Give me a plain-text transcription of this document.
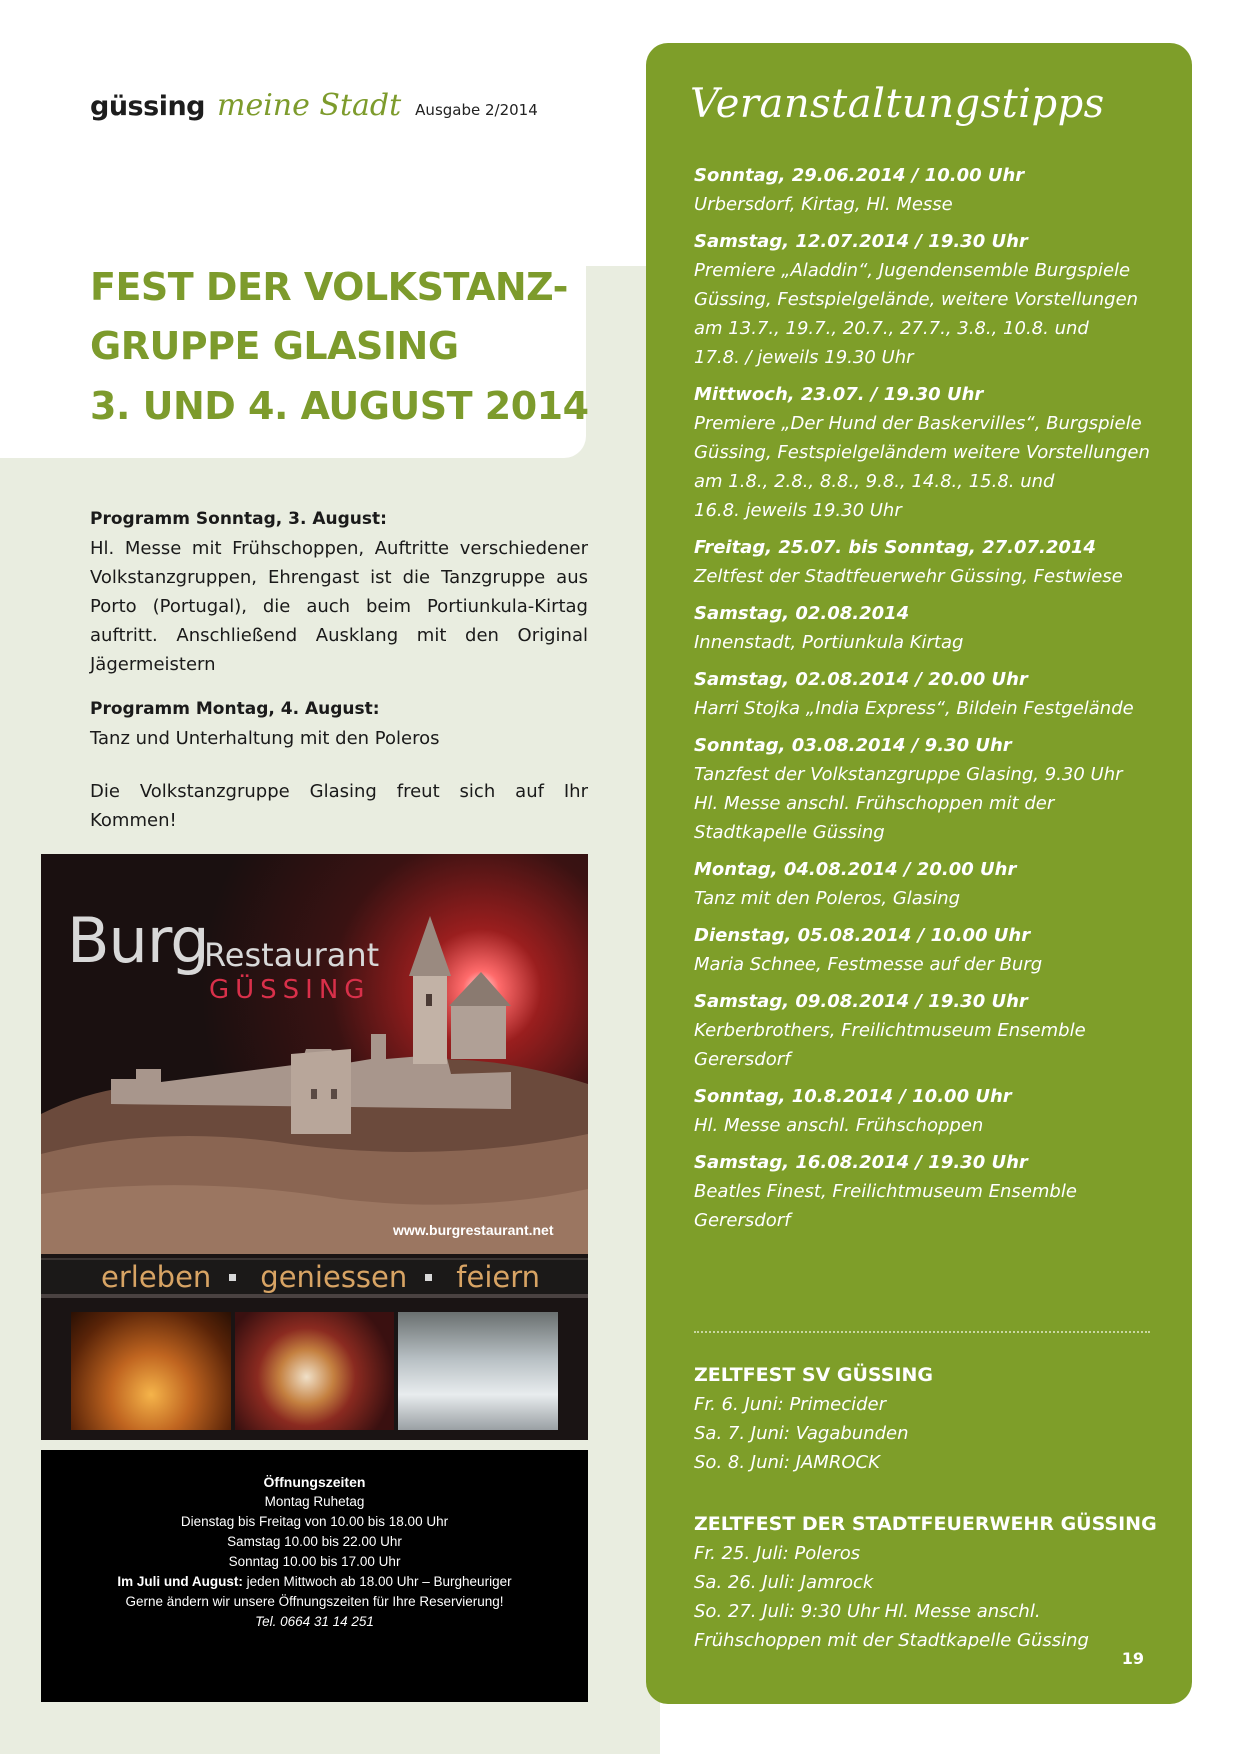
güssing meine Stadt Ausgabe 2/2014
FEST DER VOLKSTANZ-
GRUPPE GLASING
3. UND 4. AUGUST 2014
Programm Sonntag, 3. August:

Hl. Messe mit Frühschoppen, Auftritte verschiedener Volkstanzgruppen, Ehrengast ist die Tanzgruppe aus Porto (Portugal), die auch beim Portiunkula-Kirtag auftritt. Anschließend Ausklang mit den Original Jägermeistern

Programm Montag, 4. August:

Tanz und Unterhaltung mit den Poleros

Die Volkstanzgruppe Glasing freut sich auf Ihr Kommen!

Burg
Restaurant
GÜSSING
www.burgrestaurant.net
erleben geniessen feiern
Öffnungszeiten
Montag Ruhetag
Dienstag bis Freitag von 10.00 bis 18.00 Uhr
Samstag 10.00 bis 22.00 Uhr
Sonntag 10.00 bis 17.00 Uhr
Im Juli und August: jeden Mittwoch ab 18.00 Uhr – Burgheuriger
Gerne ändern wir unsere Öffnungszeiten für Ihre Reservierung!
Tel. 0664 31 14 251
Veranstaltungstipps
Sonntag, 29.06.2014 / 10.00 Uhr
Urbersdorf, Kirtag, Hl. Messe
Samstag, 12.07.2014 / 19.30 Uhr
Premiere „Aladdin“, Jugendensemble Burgspiele
Güssing, Festspielgelände, weitere Vorstellungen
am 13.7., 19.7., 20.7., 27.7., 3.8., 10.8. und
17.8. / jeweils 19.30 Uhr
Mittwoch, 23.07. / 19.30 Uhr
Premiere „Der Hund der Baskervilles“, Burgspiele
Güssing, Festspielgeländem weitere Vorstellungen
am 1.8., 2.8., 8.8., 9.8., 14.8., 15.8. und
16.8. jeweils 19.30 Uhr
Freitag, 25.07. bis Sonntag, 27.07.2014
Zeltfest der Stadtfeuerwehr Güssing, Festwiese
Samstag, 02.08.2014
Innenstadt, Portiunkula Kirtag
Samstag, 02.08.2014 / 20.00 Uhr
Harri Stojka „India Express“, Bildein Festgelände
Sonntag, 03.08.2014 / 9.30 Uhr
Tanzfest der Volkstanzgruppe Glasing, 9.30 Uhr
Hl. Messe anschl. Frühschoppen mit der
Stadtkapelle Güssing
Montag, 04.08.2014 / 20.00 Uhr
Tanz mit den Poleros, Glasing
Dienstag, 05.08.2014 / 10.00 Uhr
Maria Schnee, Festmesse auf der Burg
Samstag, 09.08.2014 / 19.30 Uhr
Kerberbrothers, Freilichtmuseum Ensemble
Gerersdorf
Sonntag, 10.8.2014 / 10.00 Uhr
Hl. Messe anschl. Frühschoppen
Samstag, 16.08.2014 / 19.30 Uhr
Beatles Finest, Freilichtmuseum Ensemble
Gerersdorf
ZELTFEST SV GÜSSING
Fr. 6. Juni: Primecider
Sa. 7. Juni: Vagabunden
So. 8. Juni: JAMROCK
ZELTFEST DER STADTFEUERWEHR GÜSSING
Fr. 25. Juli: Poleros
Sa. 26. Juli: Jamrock
So. 27. Juli: 9:30 Uhr Hl. Messe anschl.
Frühschoppen mit der Stadtkapelle Güssing
19
